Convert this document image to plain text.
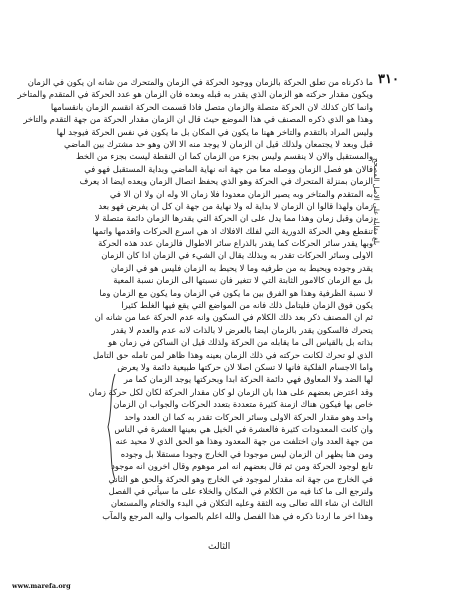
٣١٠
ما ذكرناه من تعلق الحركة بالزمان ووجود الحركة في الزمان والمتحرك من شانه ان يكون في الزمان
ويكون مقدار حركته هو الزمان الذي يقدر به قبله وبعده فان الزمان هو عدد الحركة في المتقدم والمتاخر
وانما كان كذلك لان الحركة متصلة والزمان متصل فاذا قسمت الحركة انقسم الزمان بانقسامها
وهذا هو الذي ذكره المصنف في هذا الموضع حيث قال ان الزمان مقدار الحركة من جهة التقدم والتاخر
وليس المراد بالتقدم والتاخر ههنا ما يكون في المكان بل ما يكون في نفس الحركة فيوجد لها
قبل وبعد لا يجتمعان ولذلك قيل ان الزمان لا يوجد منه الا الان وهو حد مشترك بين الماضي
والمستقبل والان لا ينقسم وليس بجزء من الزمان كما ان النقطة ليست بجزء من الخط
فالان هو فصل الزمان ووصله معا من جهة انه نهاية الماضي وبداية المستقبل فهو في
الزمان بمنزلة المتحرك في الحركة وهو الذي يحفظ اتصال الزمان ويعده ايضا اذ يعرف
به المتقدم والمتاخر وبه يصير الزمان معدودا فلا زمان الا وله ان ولا ان الا في
زمان ولهذا قالوا ان الزمان لا بداية له ولا نهاية من جهة ان كل ان يفرض فهو بعد
زمان وقبل زمان وهذا مما يدل على ان الحركة التي يقدرها الزمان دائمة متصلة لا
تنقطع وهي الحركة الدورية التي لفلك الافلاك اذ هي اسرع الحركات واقدمها واتمها
وبها يقدر سائر الحركات كما يقدر بالذراع سائر الاطوال فالزمان عدد هذه الحركة
الاولى وسائر الحركات تقدر به وبذلك يقال ان الشيء في الزمان اذا كان الزمان
يقدر وجوده ويحيط به من طرفيه وما لا يحيط به الزمان فليس هو في الزمان
بل مع الزمان كالامور الثابتة التي لا تتغير فان نسبتها الى الزمان نسبة المعية
لا نسبة الظرفية وهذا هو الفرق بين ما يكون في الزمان وما يكون مع الزمان وما
يكون فوق الزمان فليتامل ذلك فانه من المواضع التي يقع فيها الغلط كثيرا
ثم ان المصنف ذكر بعد ذلك الكلام في السكون وانه عدم الحركة عما من شانه ان
يتحرك فالسكون يقدر بالزمان ايضا بالعرض لا بالذات لانه عدم والعدم لا يقدر
بذاته بل بالقياس الى ما يقابله من الحركة ولذلك قيل ان الساكن في زمان هو
الذي لو تحرك لكانت حركته في ذلك الزمان بعينه وهذا ظاهر لمن تامله حق التامل
واما الاجسام الفلكية فانها لا تسكن اصلا لان حركتها طبيعية دائمة ولا يعرض
لها الضد ولا المعاوق فهي دائمة الحركة ابدا وبحركتها يوجد الزمان كما مر
وقد اعترض بعضهم على هذا بان الزمان لو كان مقدار الحركة لكان لكل حركة زمان
خاص بها فيكون هناك ازمنة كثيرة متعددة بتعدد الحركات والجواب ان الزمان
واحد وهو مقدار الحركة الاولى وسائر الحركات تقدر به كما ان العدد واحد
وان كانت المعدودات كثيرة فالعشرة في الخيل هي بعينها العشرة في الناس
من جهة العدد وان اختلفت من جهة المعدود وهذا هو الحق الذي لا محيد عنه
ومن هنا يظهر ان الزمان ليس موجودا في الخارج وجودا مستقلا بل وجوده
تابع لوجود الحركة ومن ثم قال بعضهم انه امر موهوم وقال اخرون انه موجود
في الخارج من جهة انه مقدار لموجود في الخارج وهو الحركة والحق هو الثاني
ولنرجع الى ما كنا فيه من الكلام في المكان والخلاء على ما سيأتي في الفصل
الثالث ان شاء الله تعالى وبه الثقة وعليه التكلان في البدء والختام والمستعان
وهذا اخر ما اردنا ذكره في هذا الفصل والله اعلم بالصواب واليه المرجع والمآب
بلغ مقابلة على الاصل المصحح
الثالث
www.marefa.org
